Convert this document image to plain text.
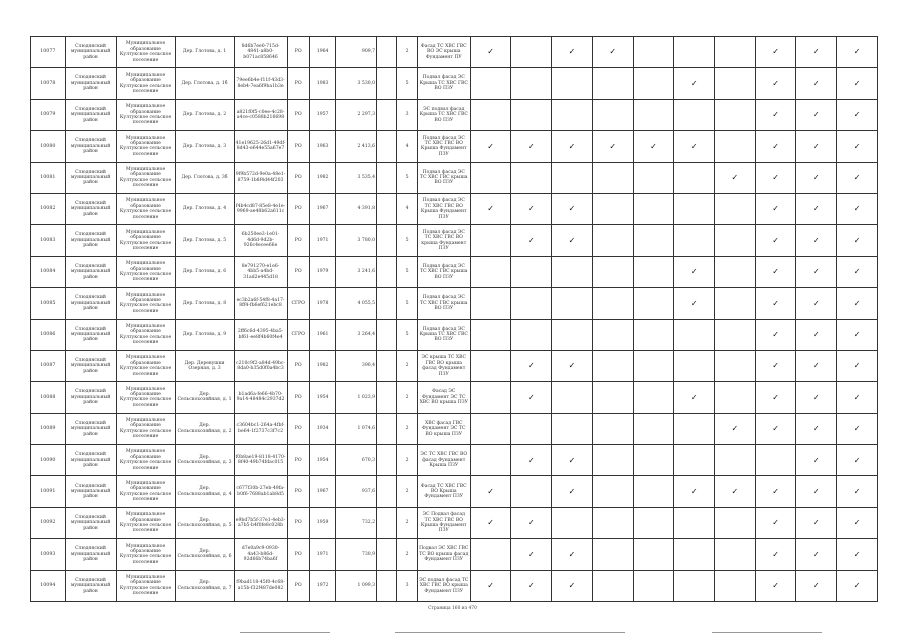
10077	Слюдянский муниципальный район	Муниципальное образование Култукское сельское поселение	Дер. Глотова, д. 1	8d6b7ee0-715d-4841-a8b0-b071ac858646	РО	1964	909,7		2	Фасад ТС ХВС ГВС ВО ЭС крыша Фундамент ПУ	✓		✓	✓				✓	✓	✓
10078	Слюдянский муниципальный район	Муниципальное образование Култукское сельское поселение	Дер. Глотова, д. 1б	79ee6b4e-f11f-43d3-8eb4-7ea6f9ba1b3e	РО	1983	3 530,0		5	Подвал фасад ЭС Крыша ТС ХВС ГВС ВО ПЗУ						✓		✓	✓	✓
10079	Слюдянский муниципальный район	Муниципальное образование Култукское сельское поселение	Дер. Глотова, д. 2	a821f0f5-c0ee-4c28-a4ce-c0588b216698	РО	1957	2 297,3		3	ЭС подвал фасад Крыша ТС ХВС ГВС ВО ПЗУ								✓	✓	✓
10080	Слюдянский муниципальный район	Муниципальное образование Култукское сельское поселение	Дер. Глотова, д. 3	41e19625-26d1-49df-8d43-e644e55a67e7	РО	1963	2 413,6		4	Подвал фасад ЭС ТС ХВС ГВС ВО Крыша Фундамент ПЗУ	✓	✓	✓	✓	✓	✓		✓	✓	✓
10081	Слюдянский муниципальный район	Муниципальное образование Култукское сельское поселение	Дер. Глотова, д. 3б	9f9b572d-9e0a-48e1-8759-1b8f4d44f203	РО	1982	3 535,4		5	Подвал фасад ЭС ТС ХВС ГВС крыша ВО ПЗУ							✓	✓	✓	✓
10082	Слюдянский муниципальный район	Муниципальное образование Култукское сельское поселение	Дер. Глотова, д. 4	f4b4cd87-85e8-4e1e-9969-ae48b62a611c	РО	1967	4 391,8		4	Подвал фасад ЭС ТС ХВС ГВС ВО Крыша Фундамент ПЗУ	✓	✓	✓					✓	✓	✓
10083	Слюдянский муниципальный район	Муниципальное образование Култукское сельское поселение	Дер. Глотова, д. 5	6b250ee3-1e01-4d6d-9d2b-926c4ecee66e	РО	1971	3 780,0		5	Подвал фасад ЭС ТС ХВС ГВС ВО крыша Фундамент ПЗУ		✓	✓					✓	✓	✓
10084	Слюдянский муниципальный район	Муниципальное образование Култукское сельское поселение	Дер. Глотова, д. 6	8e791270-e1e6-4bb5-a4bd-31ad2e445d18	РО	1979	3 241,6		5	Подвал фасад ЭС ТС ХВС ГВС крыша ВО ПЗУ						✓		✓	✓	✓
10085	Слюдянский муниципальный район	Муниципальное образование Култукское сельское поселение	Дер. Глотова, д. 8	ec3b2a6f-54f8-4a17-8ff4-fb6ef621ebc8	СГРО	1978	4 055,5		5	Подвал фасад ЭС ТС ХВС ГВС крыша ВО ПЗУ						✓		✓	✓	✓
10086	Слюдянский муниципальный район	Муниципальное образование Култукское сельское поселение	Дер. Глотова, д. 9	2ff6c6d-4395-4ba5-bf61-ee8f4b60f4e4	СГРО	1961	3 264,4		5	Подвал фасад ЭС Крыша ТС ХВС ГВС ВО ПЗУ								✓	✓	✓
10087	Слюдянский муниципальный район	Муниципальное образование Култукское сельское поселение	Дер. Деревушки Озерная, д. 3	c210c9f2-a84d-49bc-8da0-b35d0f0a4bc3	РО	1982	390,4		2	ЭС крыша ТС ХВС ГВС ВО крыша фасад Фундамент ПЗУ		✓	✓					✓	✓	✓
10088	Слюдянский муниципальный район	Муниципальное образование Култукское сельское поселение	Дер. Сельскохозяйная, д. 1	b1ad6a-fe66-4b70-9a14-48484c2937d2	РО	1954	1 023,9		2	Фасад ЭС Фундамент ЭС ТС ХВС ВО крыша ПЗУ		✓				✓		✓	✓	✓
10089	Слюдянский муниципальный район	Муниципальное образование Култукское сельское поселение	Дер. Сельскохозяйная, д. 2	c3604bc1-264a-4fbf-be64-1f2737c3f7c2	РО	1934	1 074,6		2	ХВС фасад ГВС Фундамент ЭС ТС ВО крыша ПЗУ							✓	✓	✓	✓
10090	Слюдянский муниципальный район	Муниципальное образование Култукское сельское поселение	Дер. Сельскохозяйная, д. 3	f0b8ae19-8118-4170-8f40-49b74fdac015	РО	1954	670,3		2	ЭС ТС ХВС ГВС ВО фасад Фундамент Крыша ПЗУ		✓	✓						✓	✓
10091	Слюдянский муниципальный район	Муниципальное образование Култукское сельское поселение	Дер. Сельскохозяйная, д. 4	c677f30b-27eb-49fa-b0f6-7688ab1ab8d5	РО	1967	937,6		2	Фасад ТС ХВС ГВС ВО Крыша Фундамент ПЗУ	✓		✓			✓	✓	✓	✓	✓
10092	Слюдянский муниципальный район	Муниципальное образование Култукское сельское поселение	Дер. Сельскохозяйная, д. 5	e9bd7b5f-37e1-4eb3-a7b5-b4f0fe8c028b	РО	1959	732,2		2	ЭС Подвал фасад ТС ХВС ГВС ВО Крыша Фундамент ПЗУ	✓	✓						✓	✓	✓
10093	Слюдянский муниципальный район	Муниципальное образование Култукское сельское поселение	Дер. Сельскохозяйная, д. 6	d7e0a9c9-0930-4a43-b86d-92d66b74ba6f	РО	1971	730,9		2	Подвал ЭС ХВС ГВС ТС ВО крыша фасад Фундамент ПЗУ		✓	✓					✓	✓	✓
10094	Слюдянский муниципальный район	Муниципальное образование Култукское сельское поселение	Дер. Сельскохозяйная, д. 7	f9bad118-45f0-4c68-a15b-f32f487de082	РО	1972	1 099,3		3	ЭС подвал фасад ТС ХВС ГВС ВО крыша Фундамент ПЗУ	✓	✓	✓					✓	✓	✓
Страница 160 из 470
